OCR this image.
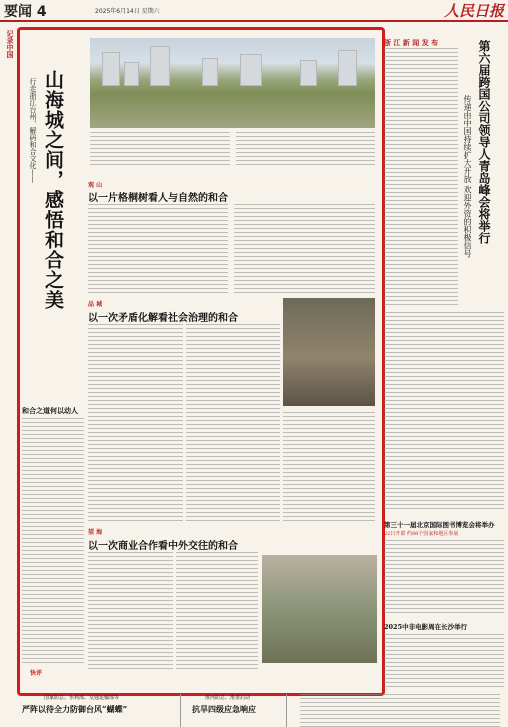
要闻 4	2025年6月14日 星期六	人民日报
记录中国
山海城之间，感悟和合之美
行走浙江台州，解码和合文化——
观 山
以一片格桐树看人与自然的和合
品 城
以一次矛盾化解看社会治理的和合
望 海
以一次商业合作看中外交往的和合
和合之道何以动人
快评
浙 江 新 闻 发 布	第六届跨国公司领导人青岛峰会将举行
传递由中国持续扩大开放 欢迎外资的积极信号
第三十一届北京国际图书博览会将举办
22日开幕 约88个国家和地区参展
2025中非电影周在长沙举行
国家防总、水利部、交通运输部等
严阵以待全力防御台风“蝴蝶”
淮河防总、淮委启动
抗旱四级应急响应
